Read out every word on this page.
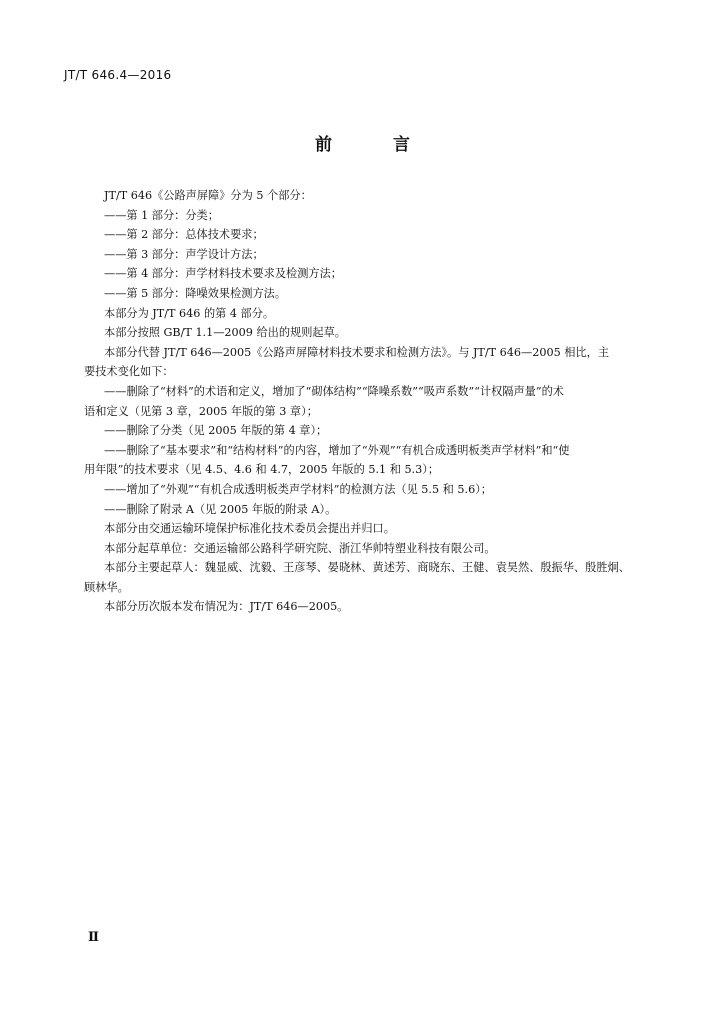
JT/T 646.4—2016
前　言

JT/T 646《公路声屏障》分为 5 个部分：

——第 1 部分：分类；

——第 2 部分：总体技术要求；

——第 3 部分：声学设计方法；

——第 4 部分：声学材料技术要求及检测方法；

——第 5 部分：降噪效果检测方法。

本部分为 JT/T 646 的第 4 部分。

本部分按照 GB/T 1.1—2009 给出的规则起草。

本部分代替 JT/T 646—2005《公路声屏障材料技术要求和检测方法》。与 JT/T 646—2005 相比，主

要技术变化如下：

——删除了“材料”的术语和定义，增加了“砌体结构”“降噪系数”“吸声系数”“计权隔声量”的术

语和定义（见第 3 章，2005 年版的第 3 章）；

——删除了分类（见 2005 年版的第 4 章）；

——删除了“基本要求”和“结构材料”的内容，增加了“外观”“有机合成透明板类声学材料”和“使

用年限”的技术要求（见 4.5、4.6 和 4.7，2005 年版的 5.1 和 5.3）；

——增加了“外观”“有机合成透明板类声学材料”的检测方法（见 5.5 和 5.6）；

——删除了附录 A（见 2005 年版的附录 A）。

本部分由交通运输环境保护标准化技术委员会提出并归口。

本部分起草单位：交通运输部公路科学研究院、浙江华帅特塑业科技有限公司。

本部分主要起草人：魏显威、沈毅、王彦琴、晏晓林、黄述芳、商晓东、王健、袁昊然、殷振华、殷胜炯、

顾林华。

本部分历次版本发布情况为：JT/T 646—2005。

Ⅱ
